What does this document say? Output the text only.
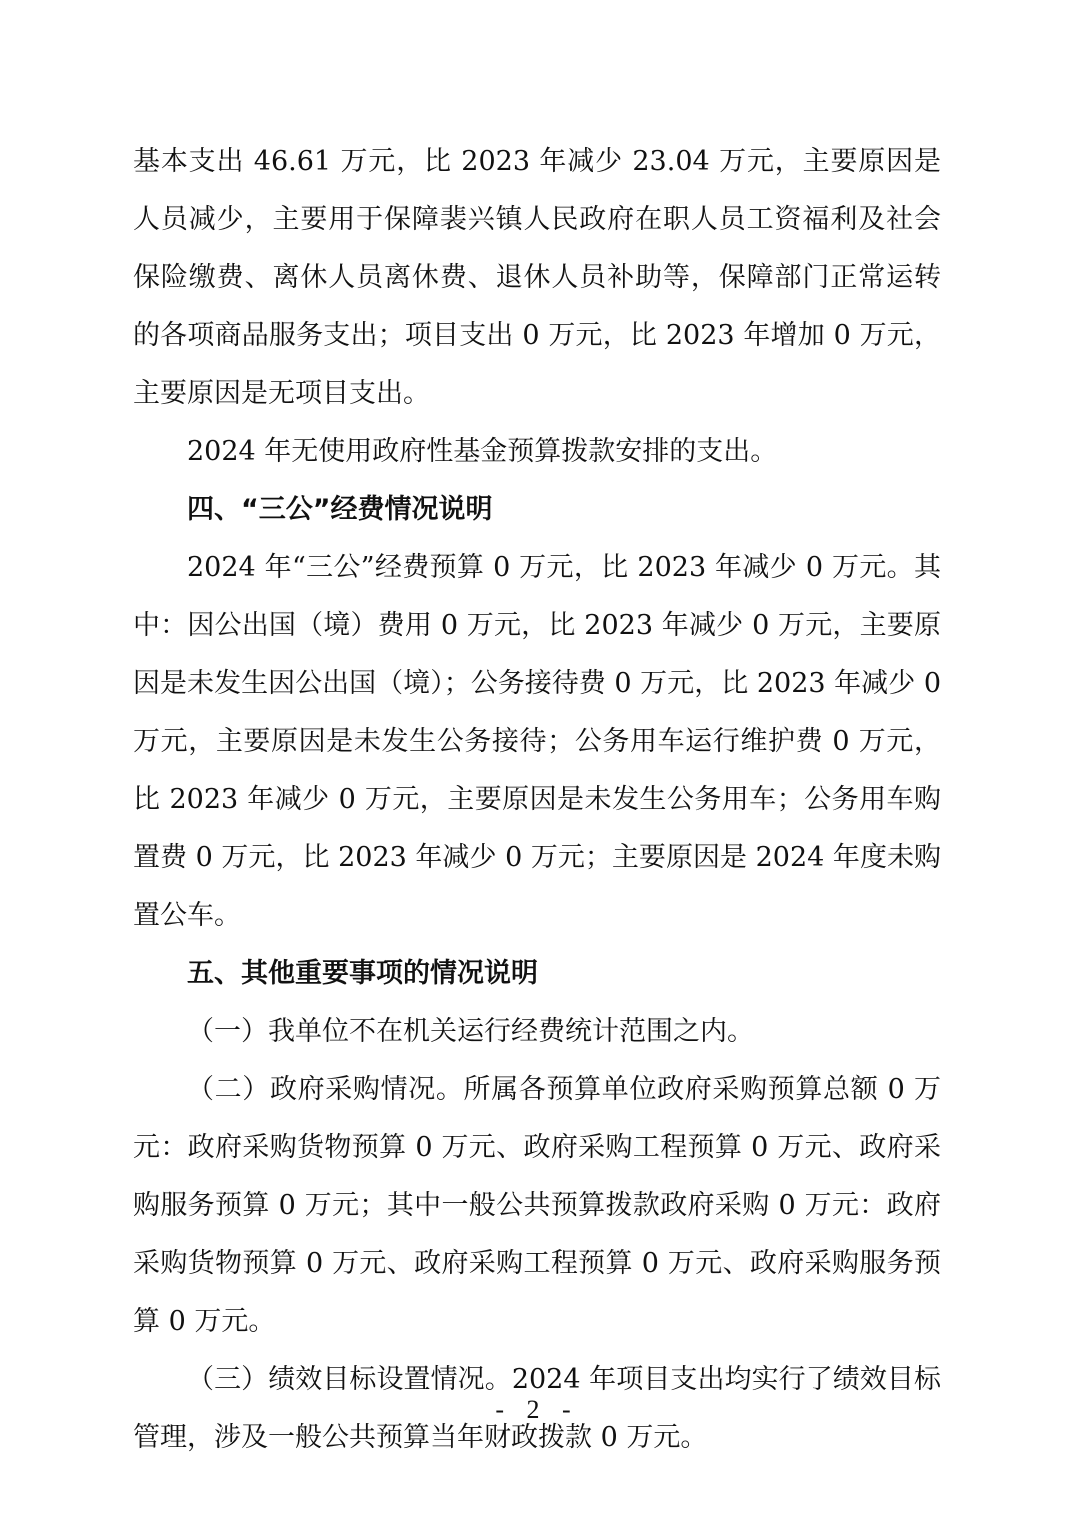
基本支出 46.61 万元，比 2023 年减少 23.04 万元，主要原因是人员减少，主要用于保障裴兴镇人民政府在职人员工资福利及社会保险缴费、离休人员离休费、退休人员补助等，保障部门正常运转的各项商品服务支出；项目支出 0 万元，比 2023 年增加 0 万元，主要原因是无项目支出。

2024 年无使用政府性基金预算拨款安排的支出。

四、“三公”经费情况说明

2024 年“三公”经费预算 0 万元，比 2023 年减少 0 万元。其中：因公出国（境）费用 0 万元，比 2023 年减少 0 万元，主要原因是未发生因公出国（境）；公务接待费 0 万元，比 2023 年减少 0 万元，主要原因是未发生公务接待；公务用车运行维护费 0 万元，比 2023 年减少 0 万元，主要原因是未发生公务用车；公务用车购置费 0 万元，比 2023 年减少 0 万元；主要原因是 2024 年度未购置公车。

五、其他重要事项的情况说明

（一）我单位不在机关运行经费统计范围之内。

（二）政府采购情况。所属各预算单位政府采购预算总额 0 万元：政府采购货物预算 0 万元、政府采购工程预算 0 万元、政府采购服务预算 0 万元；其中一般公共预算拨款政府采购 0 万元：政府采购货物预算 0 万元、政府采购工程预算 0 万元、政府采购服务预算 0 万元。

（三）绩效目标设置情况。2024 年项目支出均实行了绩效目标管理，涉及一般公共预算当年财政拨款 0 万元。

- 2 -
